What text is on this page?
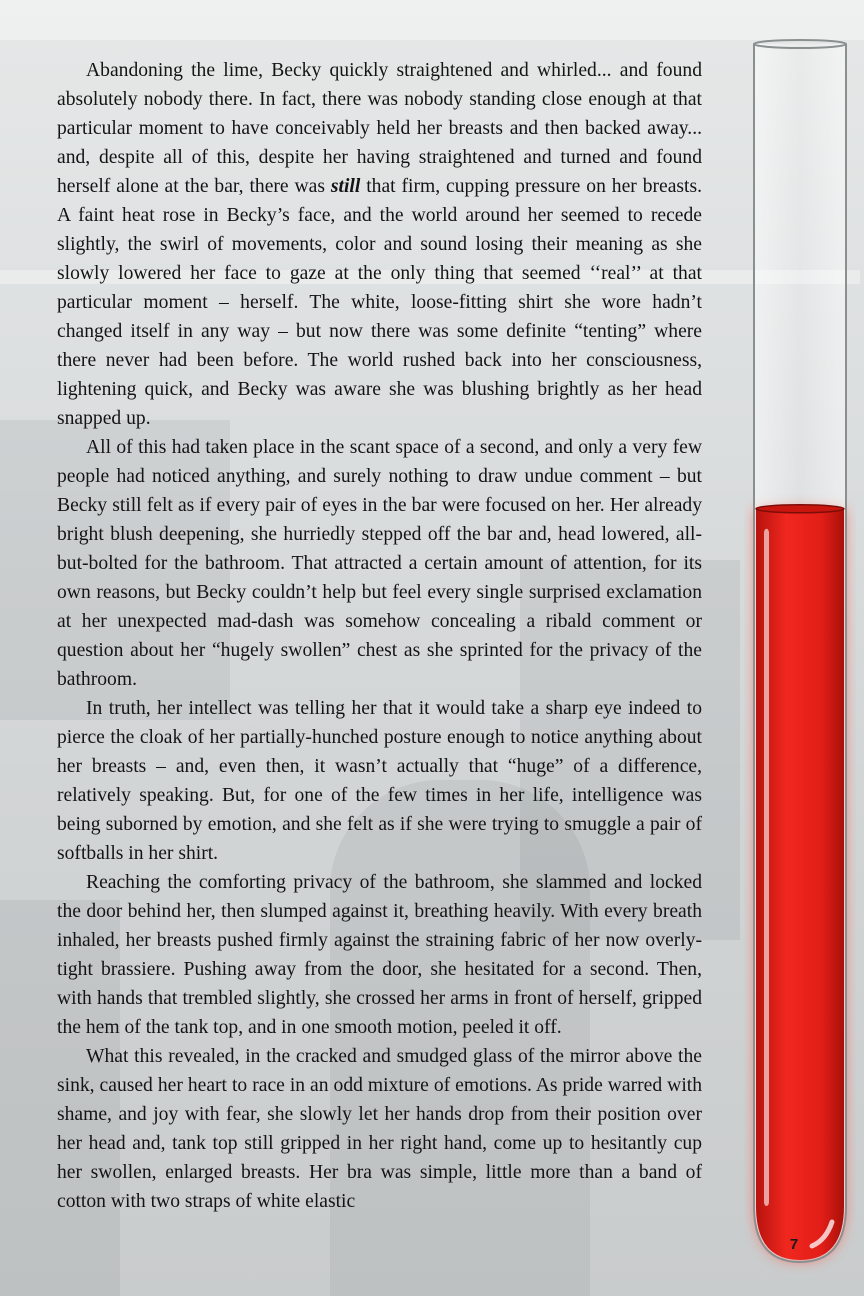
Abandoning the lime, Becky quickly straightened and whirled... and found absolutely nobody there. In fact, there was nobody standing close enough at that particular moment to have conceivably held her breasts and then backed away... and, despite all of this, despite her having straightened and turned and found herself alone at the bar, there was still that firm, cupping pressure on her breasts. A faint heat rose in Becky’s face, and the world around her seemed to recede slightly, the swirl of movements, color and sound losing their meaning as she slowly lowered her face to gaze at the only thing that seemed ‘‘real’’ at that particular moment – herself. The white, loose-fitting shirt she wore hadn’t changed itself in any way – but now there was some definite “tenting” where there never had been before. The world rushed back into her consciousness, lightening quick, and Becky was aware she was blushing brightly as her head snapped up.

All of this had taken place in the scant space of a second, and only a very few people had noticed anything, and surely nothing to draw undue comment – but Becky still felt as if every pair of eyes in the bar were focused on her. Her already bright blush deepening, she hurriedly stepped off the bar and, head lowered, all-but-bolted for the bathroom. That attracted a certain amount of attention, for its own reasons, but Becky couldn’t help but feel every single surprised exclamation at her unexpected mad-dash was somehow concealing a ribald comment or question about her “hugely swollen” chest as she sprinted for the privacy of the bathroom.

In truth, her intellect was telling her that it would take a sharp eye indeed to pierce the cloak of her partially-hunched posture enough to notice anything about her breasts – and, even then, it wasn’t actually that “huge” of a difference, relatively speaking. But, for one of the few times in her life, intelligence was being suborned by emotion, and she felt as if she were trying to smuggle a pair of softballs in her shirt.

Reaching the comforting privacy of the bathroom, she slammed and locked the door behind her, then slumped against it, breathing heavily. With every breath inhaled, her breasts pushed firmly against the straining fabric of her now overly-tight brassiere. Pushing away from the door, she hesitated for a second. Then, with hands that trembled slightly, she crossed her arms in front of herself, gripped the hem of the tank top, and in one smooth motion, peeled it off.

What this revealed, in the cracked and smudged glass of the mirror above the sink, caused her heart to race in an odd mixture of emotions. As pride warred with shame, and joy with fear, she slowly let her hands drop from their position over her head and, tank top still gripped in her right hand, come up to hesitantly cup her swollen, enlarged breasts. Her bra was simple, little more than a band of cotton with two straps of white elastic

7
